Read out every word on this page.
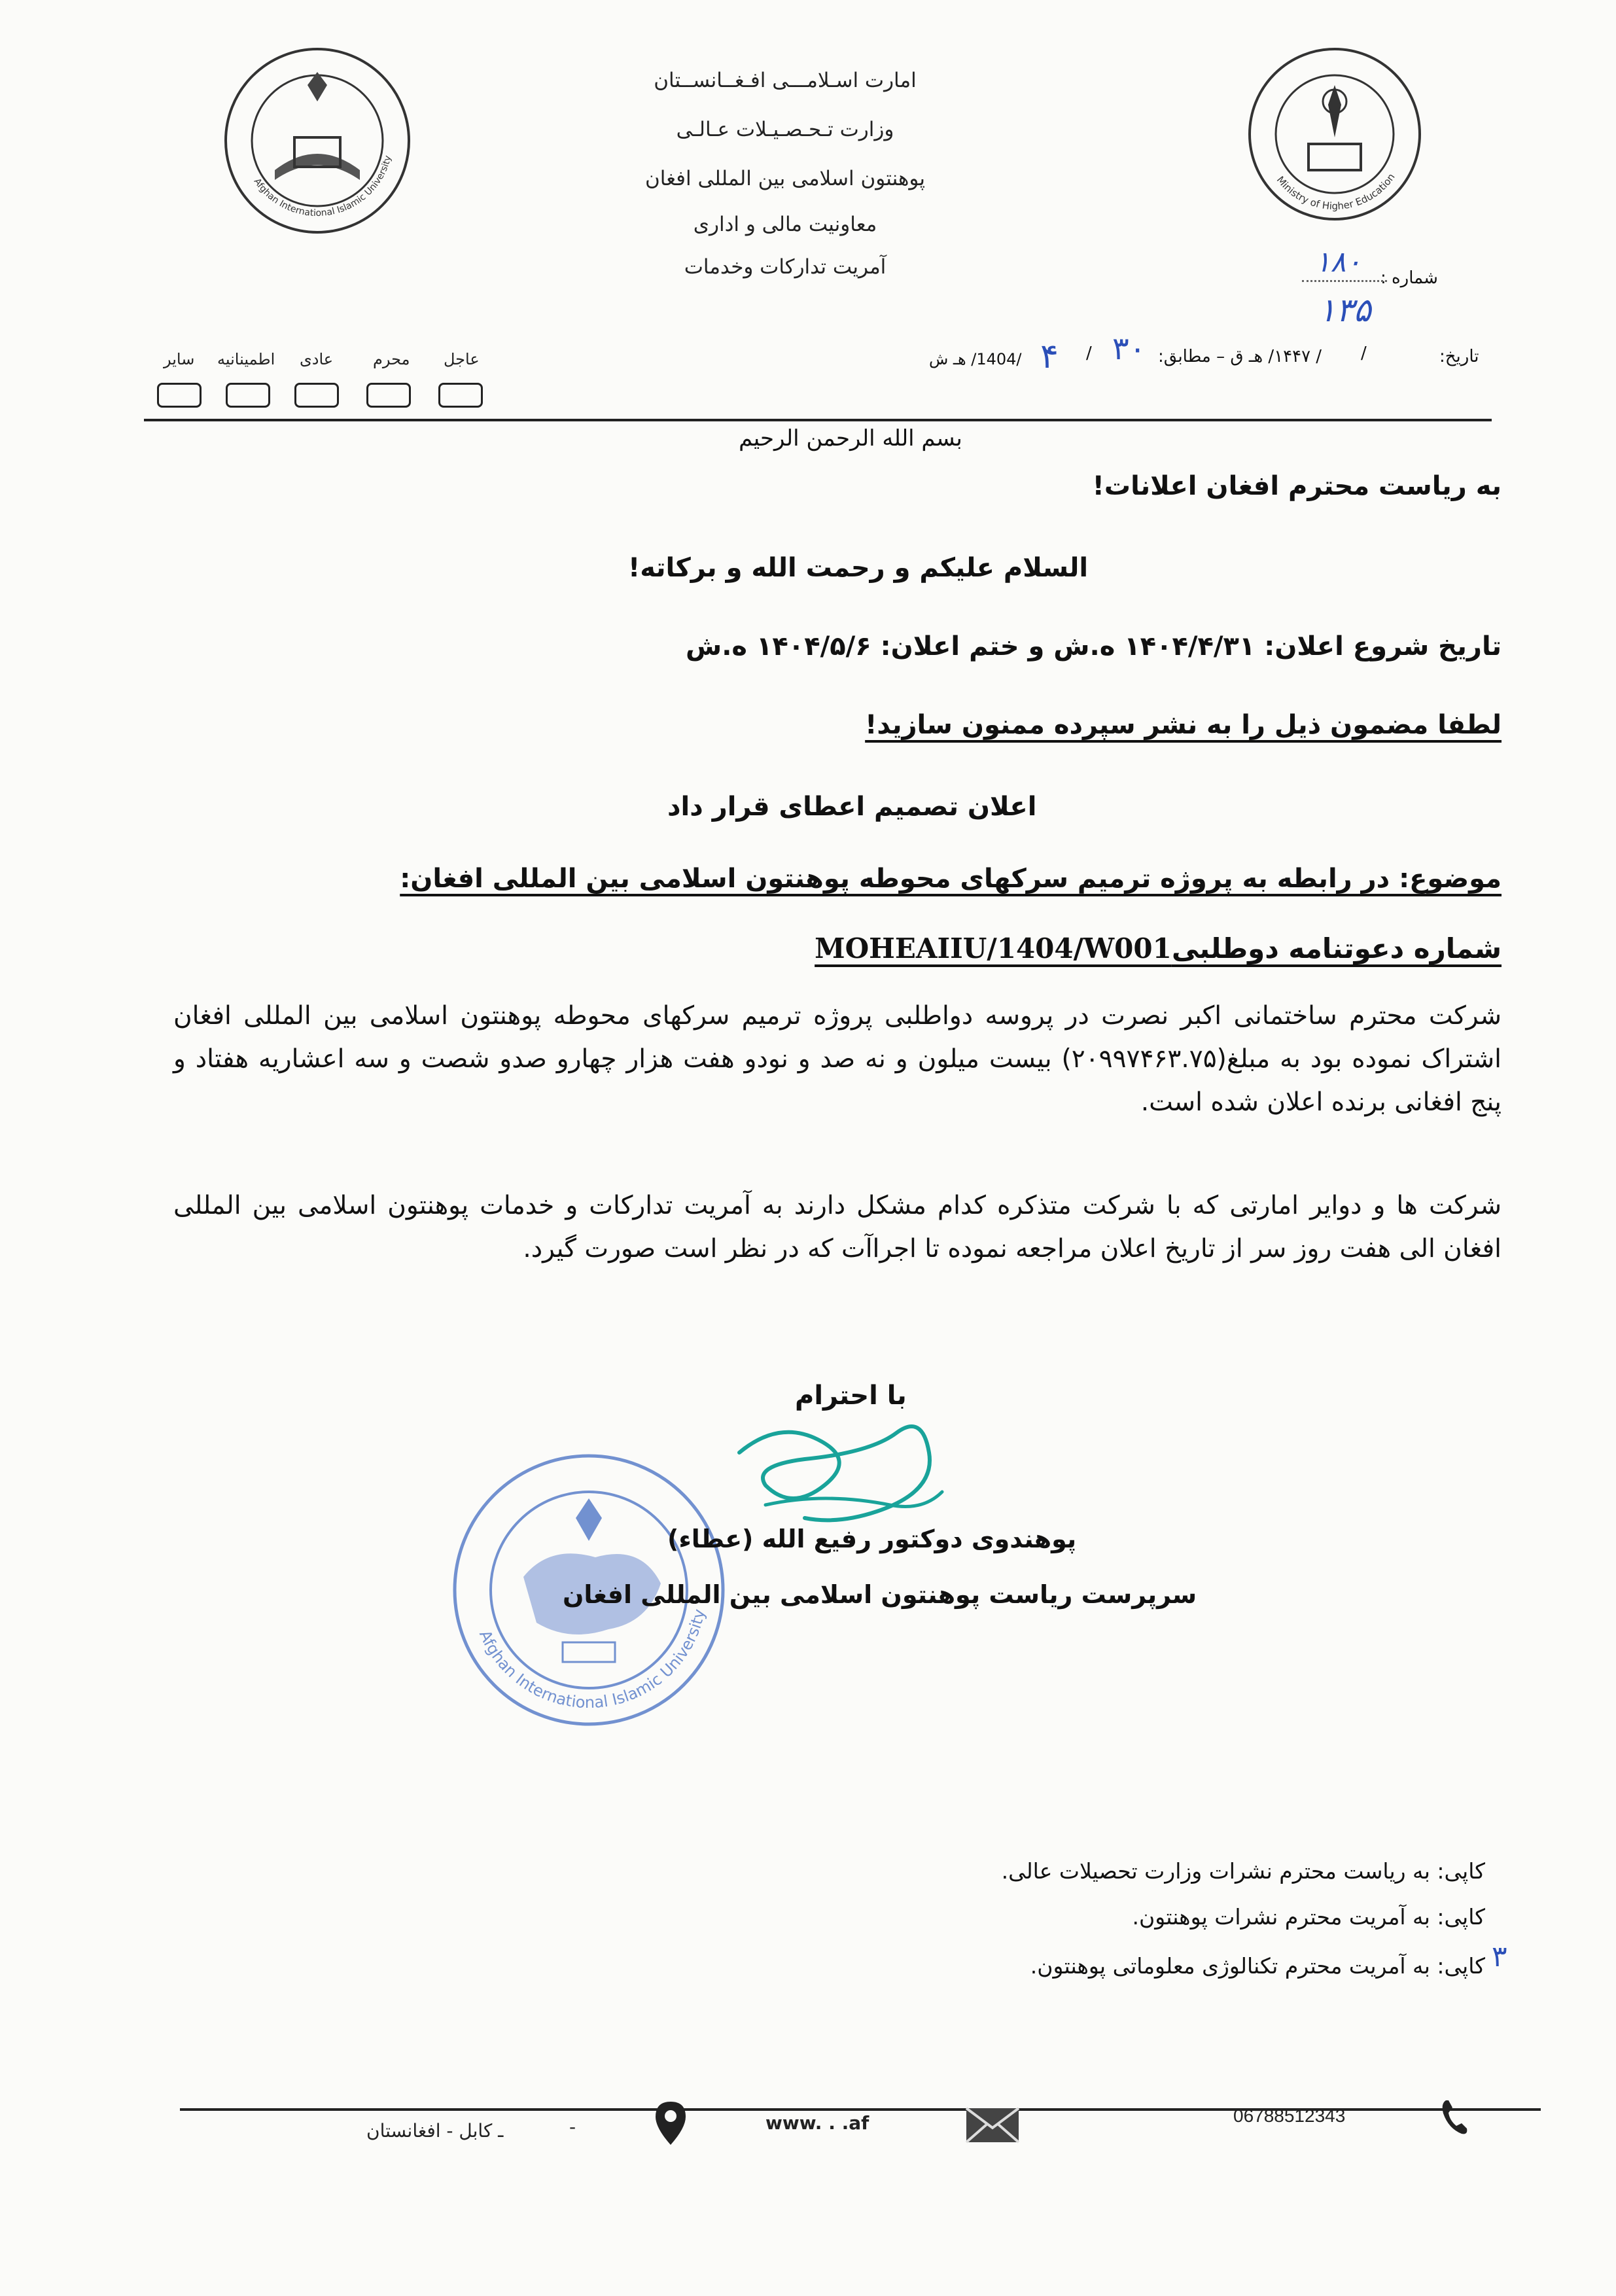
Afghan International Islamic University
Ministry of Higher Education
امارت اسـلامـــی افـغــانســتان
وزارت تـحـصـیـلات عـالـی
پوهنتون اسلامی بین المللی افغان
معاونیت مالی و اداری
آمریت تدارکات وخدمات	شماره :
۱۸۰
۱۳۵
تاریخ:
/
/ ۱۴۴۷/ هـ ق – مطابق:
۳۰
/
۴
/1404/ هـ ش
عاجل
محرم
عادی
اطمینانیه
سایر
بسم الله الرحمن الرحیم
به ریاست محترم افغان اعلانات!
السلام علیکم و رحمت الله و برکاته!
تاریخ شروع اعلان: ۱۴۰۴/۴/۳۱ ه.ش و ختم اعلان: ۱۴۰۴/۵/۶ ه.ش
لطفا مضمون ذیل را به نشر سپرده ممنون سازید!
اعلان تصمیم اعطای قرار داد
موضوع: در رابطه به پروژه ترمیم سرکهای محوطه پوهنتون اسلامی بین المللی افغان:
MOHEAIIU/1404/W001شماره دعوتنامه دوطلبی
شرکت محترم ساختمانی اکبر نصرت در پروسه دواطلبی پروژه ترمیم سرکهای محوطه پوهنتون اسلامی بین المللی افغان اشتراک نموده بود به مبلغ(۲۰۹۹۷۴۶۳.۷۵) بیست میلون و نه صد و نودو هفت هزار چهارو صدو شصت و سه اعشاریه هفتاد و پنج افغانی برنده اعلان شده است.
شرکت ها و دوایر امارتی که با شرکت متذکره کدام مشکل دارند به آمریت تدارکات و خدمات پوهنتون اسلامی بین المللی افغان الی هفت روز سر از تاریخ اعلان مراجعه نموده تا اجراآت که در نظر است صورت گیرد.
Afghan International Islamic University
با احترام
پوهندوی دوکتور رفیع الله (عطاء)
سرپرست ریاست پوهنتون اسلامی بین المللی افغان
کاپی: به ریاست محترم نشرات وزارت تحصیلات عالی.
کاپی: به آمریت محترم نشرات پوهنتون.
کاپی: به آمریت محترم تکنالوژی معلوماتی پوهنتون. ۳
06788512343
www. . .af
-
ـ کابل - افغانستان
